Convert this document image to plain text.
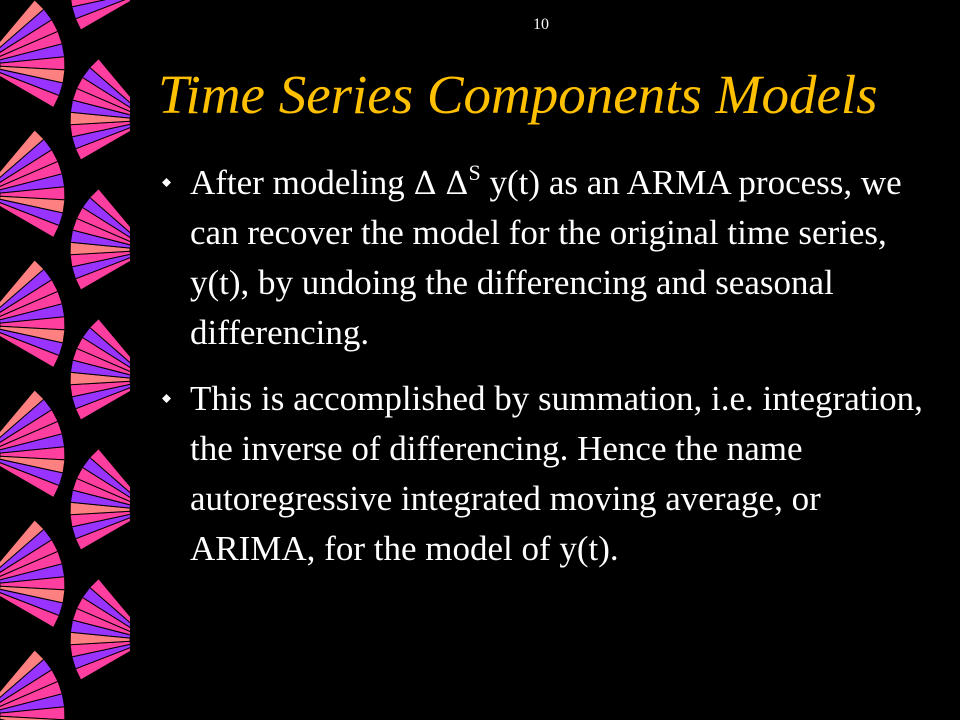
10
Time Series Components Models
After modeling Δ $\Delta^S$ y(t) as an ARMA process, we can recover the model for the original time series, y(t), by undoing the differencing and seasonal differencing.
This is accomplished by summation, i.e. integration, the inverse of differencing. Hence the name autoregressive integrated moving average, or ARIMA, for the model of y(t).
